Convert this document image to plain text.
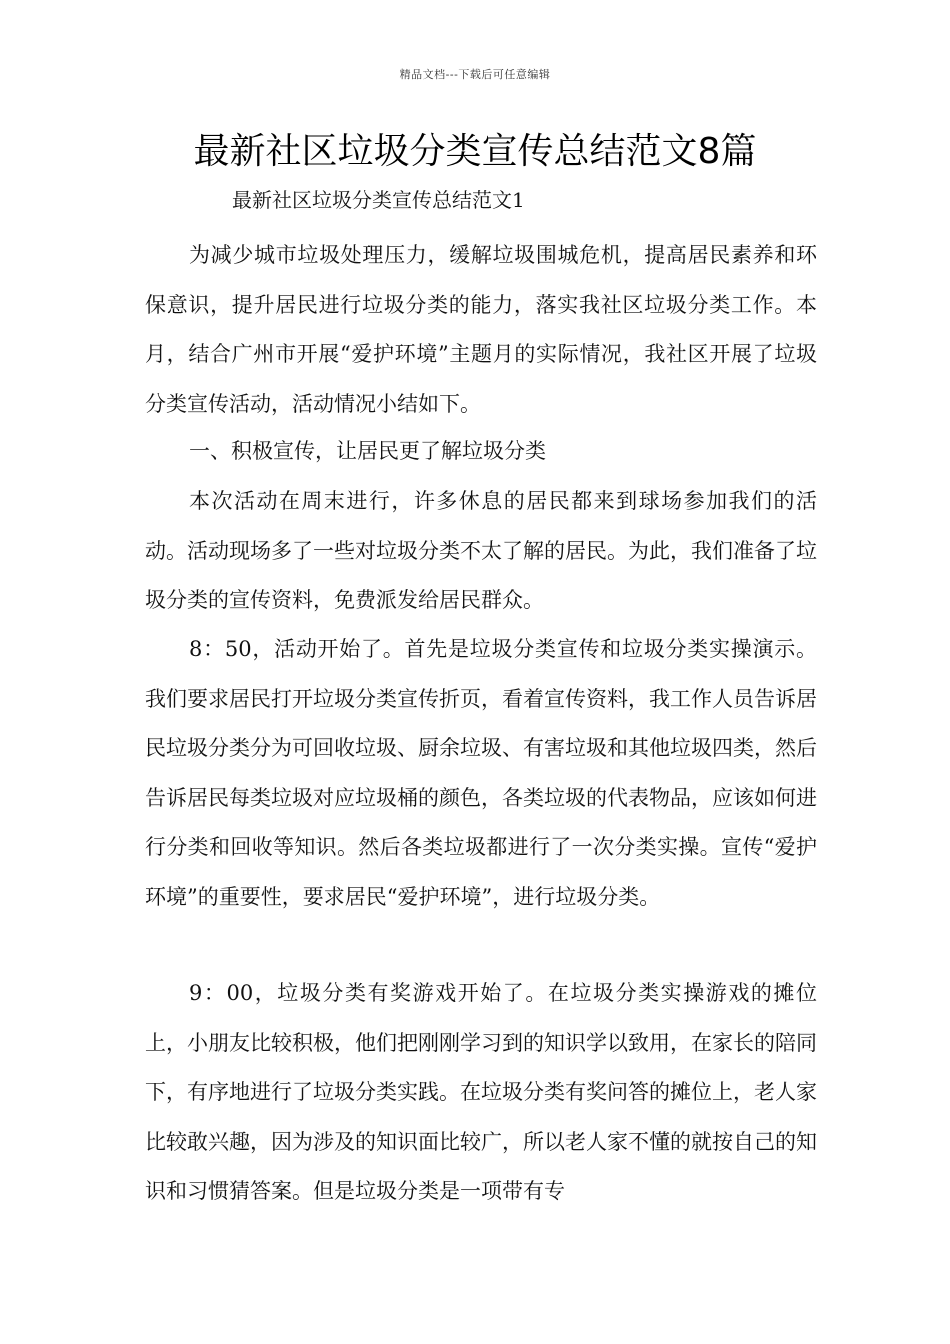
精品文档---下载后可任意编辑
最新社区垃圾分类宣传总结范文8篇

最新社区垃圾分类宣传总结范文1

为减少城市垃圾处理压力，缓解垃圾围城危机，提高居民素养和环保意识，提升居民进行垃圾分类的能力，落实我社区垃圾分类工作。本月，结合广州市开展“爱护环境”主题月的实际情况，我社区开展了垃圾分类宣传活动，活动情况小结如下。

一、积极宣传，让居民更了解垃圾分类

本次活动在周末进行，许多休息的居民都来到球场参加我们的活动。活动现场多了一些对垃圾分类不太了解的居民。为此，我们准备了垃圾分类的宣传资料，免费派发给居民群众。

8：50，活动开始了。首先是垃圾分类宣传和垃圾分类实操演示。我们要求居民打开垃圾分类宣传折页，看着宣传资料，我工作人员告诉居民垃圾分类分为可回收垃圾、厨余垃圾、有害垃圾和其他垃圾四类，然后告诉居民每类垃圾对应垃圾桶的颜色，各类垃圾的代表物品，应该如何进行分类和回收等知识。然后各类垃圾都进行了一次分类实操。宣传“爱护环境”的重要性，要求居民“爱护环境”，进行垃圾分类。

9：00，垃圾分类有奖游戏开始了。在垃圾分类实操游戏的摊位上，小朋友比较积极，他们把刚刚学习到的知识学以致用，在家长的陪同下，有序地进行了垃圾分类实践。在垃圾分类有奖问答的摊位上，老人家比较敢兴趣，因为涉及的知识面比较广，所以老人家不懂的就按自己的知识和习惯猜答案。但是垃圾分类是一项带有专
